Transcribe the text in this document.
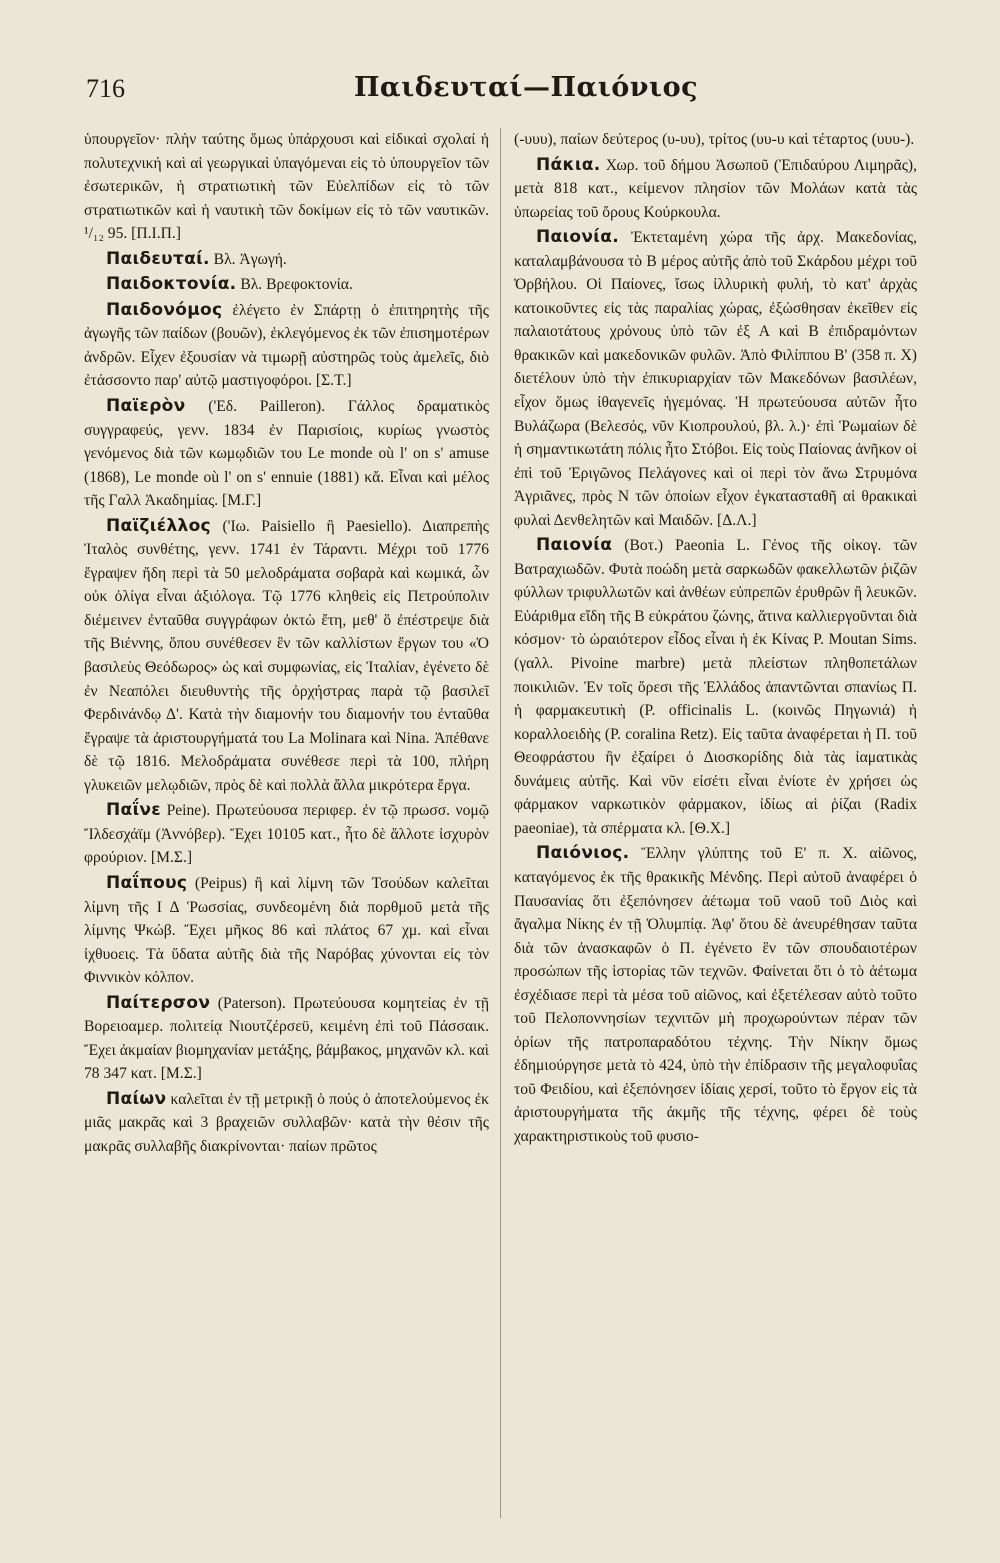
716	Παιδευταί—Παιόνιος

ὑπουργεῖον· πλὴν ταύτης ὅμως ὑπάρχουσι καὶ εἰδικαὶ σχολαί ἡ πολυτεχνική καὶ αἱ γεωργικαὶ ὑπαγόμεναι εἰς τὸ ὑπουργεῖον τῶν ἐσωτερικῶν, ἡ στρατιωτικὴ τῶν Εὐελπίδων εἰς τὸ τῶν στρατιωτικῶν καὶ ἡ ναυτικὴ τῶν δοκίμων εἰς τὸ τῶν ναυτικῶν. ¹/₁₂ 95. [Π.Ι.Π.]

Παιδευταί. Βλ. Ἀγωγή.

Παιδοκτονία. Βλ. Βρεφοκτονία.

Παιδονόμος ἐλέγετο ἐν Σπάρτῃ ὁ ἐπιτηρητὴς τῆς ἀγωγῆς τῶν παίδων (βουῶν), ἐκλεγόμενος ἐκ τῶν ἐπισημοτέρων ἀνδρῶν. Εἶχεν ἐξουσίαν νὰ τιμωρῇ αὐστηρῶς τοὺς ἀμελεῖς, διὸ ἐτάσσοντο παρ' αὐτῷ μαστιγοφόροι. [Σ.Τ.]

Παϊερὸν ('Εδ. Pailleron). Γάλλος δραματικὸς συγγραφεύς, γενν. 1834 ἐν Παρισίοις, κυρίως γνωστὸς γενόμενος διὰ τῶν κωμῳδιῶν του Le monde où l' on s' amuse (1868), Le monde où l' on s' ennuie (1881) κἄ. Εἶναι καὶ μέλος τῆς Γαλλ Ἀκαδημίας. [Μ.Γ.]

Παϊζιέλλος ('Ιω. Paisiello ἢ Paesiello). Διαπρεπὴς Ἰταλὸς συνθέτης, γενν. 1741 ἐν Τάραντι. Μέχρι τοῦ 1776 ἔγραψεν ἤδη περὶ τὰ 50 μελοδράματα σοβαρὰ καὶ κωμικά, ὧν οὐκ ὀλίγα εἶναι ἀξιόλογα. Τῷ 1776 κληθεὶς εἰς Πετρούπολιν διέμεινεν ἐνταῦθα συγγράφων ὀκτὼ ἔτη, μεθ' ὃ ἐπέστρεψε διὰ τῆς Βιέννης, ὅπου συνέθεσεν ἓν τῶν καλλίστων ἔργων του «Ὁ βασιλεὺς Θεόδωρος» ὡς καὶ συμφωνίας, εἰς Ἰταλίαν, ἐγένετο δὲ ἐν Νεαπόλει διευθυντὴς τῆς ὀρχήστρας παρὰ τῷ βασιλεῖ Φερδινάνδῳ Δ'. Κατὰ τὴν διαμονήν του διαμονήν του ἐνταῦθα ἔγραψε τὰ ἀριστουργήματά του La Molinara καὶ Nina. Ἀπέθανε δὲ τῷ 1816. Μελοδράματα συνέθεσε περὶ τὰ 100, πλήρη γλυκειῶν μελῳδιῶν, πρὸς δὲ καὶ πολλὰ ἄλλα μικρότερα ἔργα.

Παΐνε Peine). Πρωτεύουσα περιφερ. ἐν τῷ πρωσσ. νομῷ Ἴλδεσχάϊμ (Ἀννόβερ). Ἔχει 10105 κατ., ἦτο δὲ ἄλλοτε ἰσχυρὸν φρούριον. [Μ.Σ.]

Παΐπους (Peipus) ἢ καὶ λίμνη τῶν Τσούδων καλεῖται λίμνη τῆς Ι Δ Ῥωσσίας, συνδεομένη διὰ πορθμοῦ μετὰ τῆς λίμνης Ψκώβ. Ἔχει μῆκος 86 καὶ πλάτος 67 χμ. καὶ εἶναι ἰχθυοεις. Τὰ ὕδατα αὐτῆς διὰ τῆς Ναρόβας χύνονται εἰς τὸν Φιννικὸν κόλπον.

Παίτερσον (Paterson). Πρωτεύουσα κομητείας ἐν τῇ Βορειοαμερ. πολιτείᾳ Νιουτζέρσεϋ, κειμένη ἐπὶ τοῦ Πάσσαικ. Ἔχει ἀκμαίαν βιομηχανίαν μετάξης, βάμβακος, μηχανῶν κλ. καὶ 78 347 κατ. [Μ.Σ.]

Παίων καλεῖται ἐν τῇ μετρικῇ ὁ πούς ὁ ἀποτελούμενος ἐκ μιᾶς μακρᾶς καὶ 3 βραχειῶν συλλαβῶν· κατὰ τὴν θέσιν τῆς μακρᾶς συλλαβῆς διακρίνονται· παίων πρῶτος

(-υυυ), παίων δεύτερος (υ-υυ), τρίτος (υυ-υ καὶ τέταρτος (υυυ-).

Πάκια. Χωρ. τοῦ δήμου Ἀσωποῦ (Ἐπιδαύρου Λιμηρᾶς), μετὰ 818 κατ., κείμενον πλησίον τῶν Μολάων κατὰ τὰς ὑπωρείας τοῦ ὄρους Κούρκουλα.

Παιονία. Ἐκτεταμένη χώρα τῆς ἀρχ. Μακεδονίας, καταλαμβάνουσα τὸ Β μέρος αὐτῆς ἀπὸ τοῦ Σκάρδου μέχρι τοῦ Ὀρβήλου. Οἱ Παίονες, ἴσως ἰλλυρικὴ φυλή, τὸ κατ' ἀρχὰς κατοικοῦντες εἰς τὰς παραλίας χώρας, ἐξώσθησαν ἐκεῖθεν εἰς παλαιοτάτους χρόνους ὑπὸ τῶν ἐξ Α καὶ Β ἐπιδραμόντων θρακικῶν καὶ μακεδονικῶν φυλῶν. Ἀπὸ Φιλίππου Β' (358 π. Χ) διετέλουν ὑπὸ τὴν ἐπικυριαρχίαν τῶν Μακεδόνων βασιλέων, εἶχον ὅμως ἰθαγενεῖς ἡγεμόνας. Ἡ πρωτεύουσα αὐτῶν ἦτο Βυλάζωρα (Βελεσός, νῦν Κιοπρουλού, βλ. λ.)· ἐπὶ Ῥωμαίων δὲ ἡ σημαντικωτάτη πόλις ἦτο Στόβοι. Εἰς τοὺς Παίονας ἀνῆκον οἱ ἐπὶ τοῦ Ἐριγῶνος Πελάγονες καὶ οἱ περὶ τὸν ἄνω Στρυμόνα Ἀγριᾶνες, πρὸς Ν τῶν ὁποίων εἶχον ἐγκατασταθῆ αἱ θρακικαὶ φυλαὶ Δενθελητῶν καὶ Μαιδῶν. [Δ.Λ.]

Παιονία (Βοτ.) Paeonia L. Γένος τῆς οἰκογ. τῶν Βατραχιωδῶν. Φυτὰ ποώδη μετὰ σαρκωδῶν φακελλωτῶν ῥιζῶν φύλλων τριφυλλωτῶν καὶ ἀνθέων εὐπρεπῶν ἐρυθρῶν ἢ λευκῶν. Εὐάριθμα εἴδη τῆς Β εὐκράτου ζώνης, ἅτινα καλλιεργοῦνται διὰ κόσμον· τὸ ὡραιότερον εἶδος εἶναι ἡ ἐκ Κίνας P. Moutan Sims. (γαλλ. Pivoine marbre) μετὰ πλείστων πληθοπετάλων ποικιλιῶν. Ἐν τοῖς ὄρεσι τῆς Ἑλλάδος ἀπαντῶνται σπανίως Π. ἡ φαρμακευτικὴ (P. officinalis L. (κοινῶς Πηγωνιά) ἡ κοραλλοειδὴς (P. coralina Retz). Εἰς ταῦτα ἀναφέρεται ἡ Π. τοῦ Θεοφράστου ἣν ἐξαίρει ὁ Διοσκορίδης διὰ τὰς ἰαματικὰς δυνάμεις αὐτῆς. Καὶ νῦν εἰσέτι εἶναι ἐνίοτε ἐν χρήσει ὡς φάρμακον ναρκωτικὸν φάρμακον, ἰδίως αἱ ῥίζαι (Radix paeoniae), τὰ σπέρματα κλ. [Θ.Χ.]

Παιόνιος. Ἕλλην γλύπτης τοῦ Ε' π. Χ. αἰῶνος, καταγόμενος ἐκ τῆς θρακικῆς Μένδης. Περὶ αὐτοῦ ἀναφέρει ὁ Παυσανίας ὅτι ἐξεπόνησεν ἀέτωμα τοῦ ναοῦ τοῦ Διὸς καὶ ἄγαλμα Νίκης ἐν τῇ Ὀλυμπίᾳ. Ἀφ' ὅτου δὲ ἀνευρέθησαν ταῦτα διὰ τῶν ἀνασκαφῶν ὁ Π. ἐγένετο ἓν τῶν σπουδαιοτέρων προσώπων τῆς ἱστορίας τῶν τεχνῶν. Φαίνεται ὅτι ὁ τὸ ἀέτωμα ἐσχέδιασε περὶ τὰ μέσα τοῦ αἰῶνος, καὶ ἐξετέλεσαν αὐτὸ τοῦτο τοῦ Πελοποννησίων τεχνιτῶν μὴ προχωρούντων πέραν τῶν ὁρίων τῆς πατροπαραδότου τέχνης. Τὴν Νίκην ὅμως ἐδημιούργησε μετὰ τὸ 424, ὑπὸ τὴν ἐπίδρασιν τῆς μεγαλοφυΐας τοῦ Φειδίου, καὶ ἐξεπόνησεν ἰδίαις χερσί, τοῦτο τὸ ἔργον εἰς τὰ ἀριστουργήματα τῆς ἀκμῆς τῆς τέχνης, φέρει δὲ τοὺς χαρακτηριστικοὺς τοῦ φυσιο-
